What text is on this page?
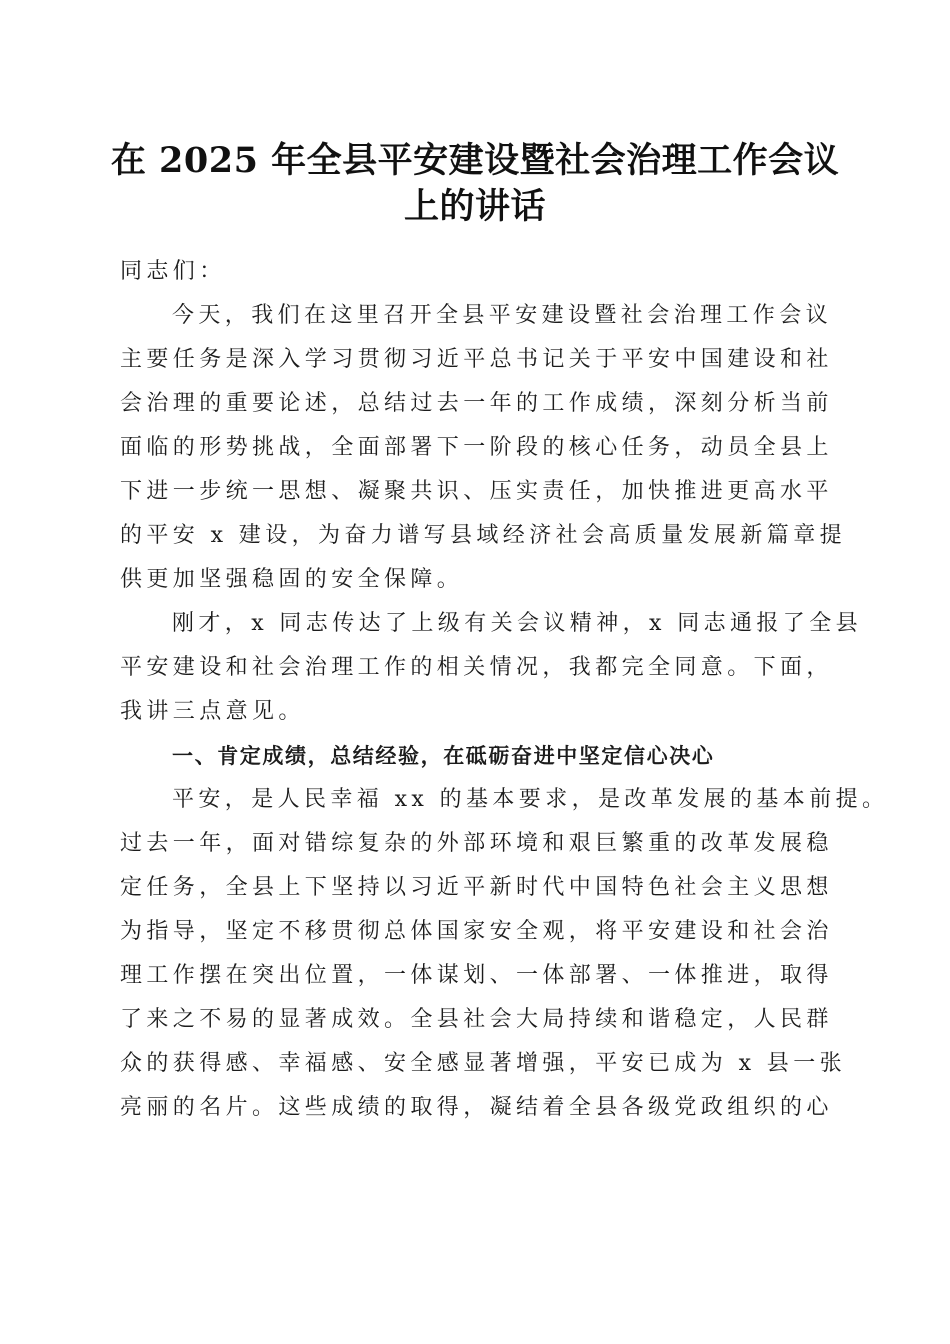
在 2025 年全县平安建设暨社会治理工作会议
上的讲话
同志们：
今天，我们在这里召开全县平安建设暨社会治理工作会议
主要任务是深入学习贯彻习近平总书记关于平安中国建设和社
会治理的重要论述，总结过去一年的工作成绩，深刻分析当前
面临的形势挑战，全面部署下一阶段的核心任务，动员全县上
下进一步统一思想、凝聚共识、压实责任，加快推进更高水平
的平安 x 建设，为奋力谱写县域经济社会高质量发展新篇章提
供更加坚强稳固的安全保障。
刚才，x 同志传达了上级有关会议精神，x 同志通报了全县
平安建设和社会治理工作的相关情况，我都完全同意。下面，
我讲三点意见。
一、肯定成绩，总结经验，在砥砺奋进中坚定信心决心
平安，是人民幸福 xx 的基本要求，是改革发展的基本前提。
过去一年，面对错综复杂的外部环境和艰巨繁重的改革发展稳
定任务，全县上下坚持以习近平新时代中国特色社会主义思想
为指导，坚定不移贯彻总体国家安全观，将平安建设和社会治
理工作摆在突出位置，一体谋划、一体部署、一体推进，取得
了来之不易的显著成效。全县社会大局持续和谐稳定，人民群
众的获得感、幸福感、安全感显著增强，平安已成为 x 县一张
亮丽的名片。这些成绩的取得，凝结着全县各级党政组织的心
